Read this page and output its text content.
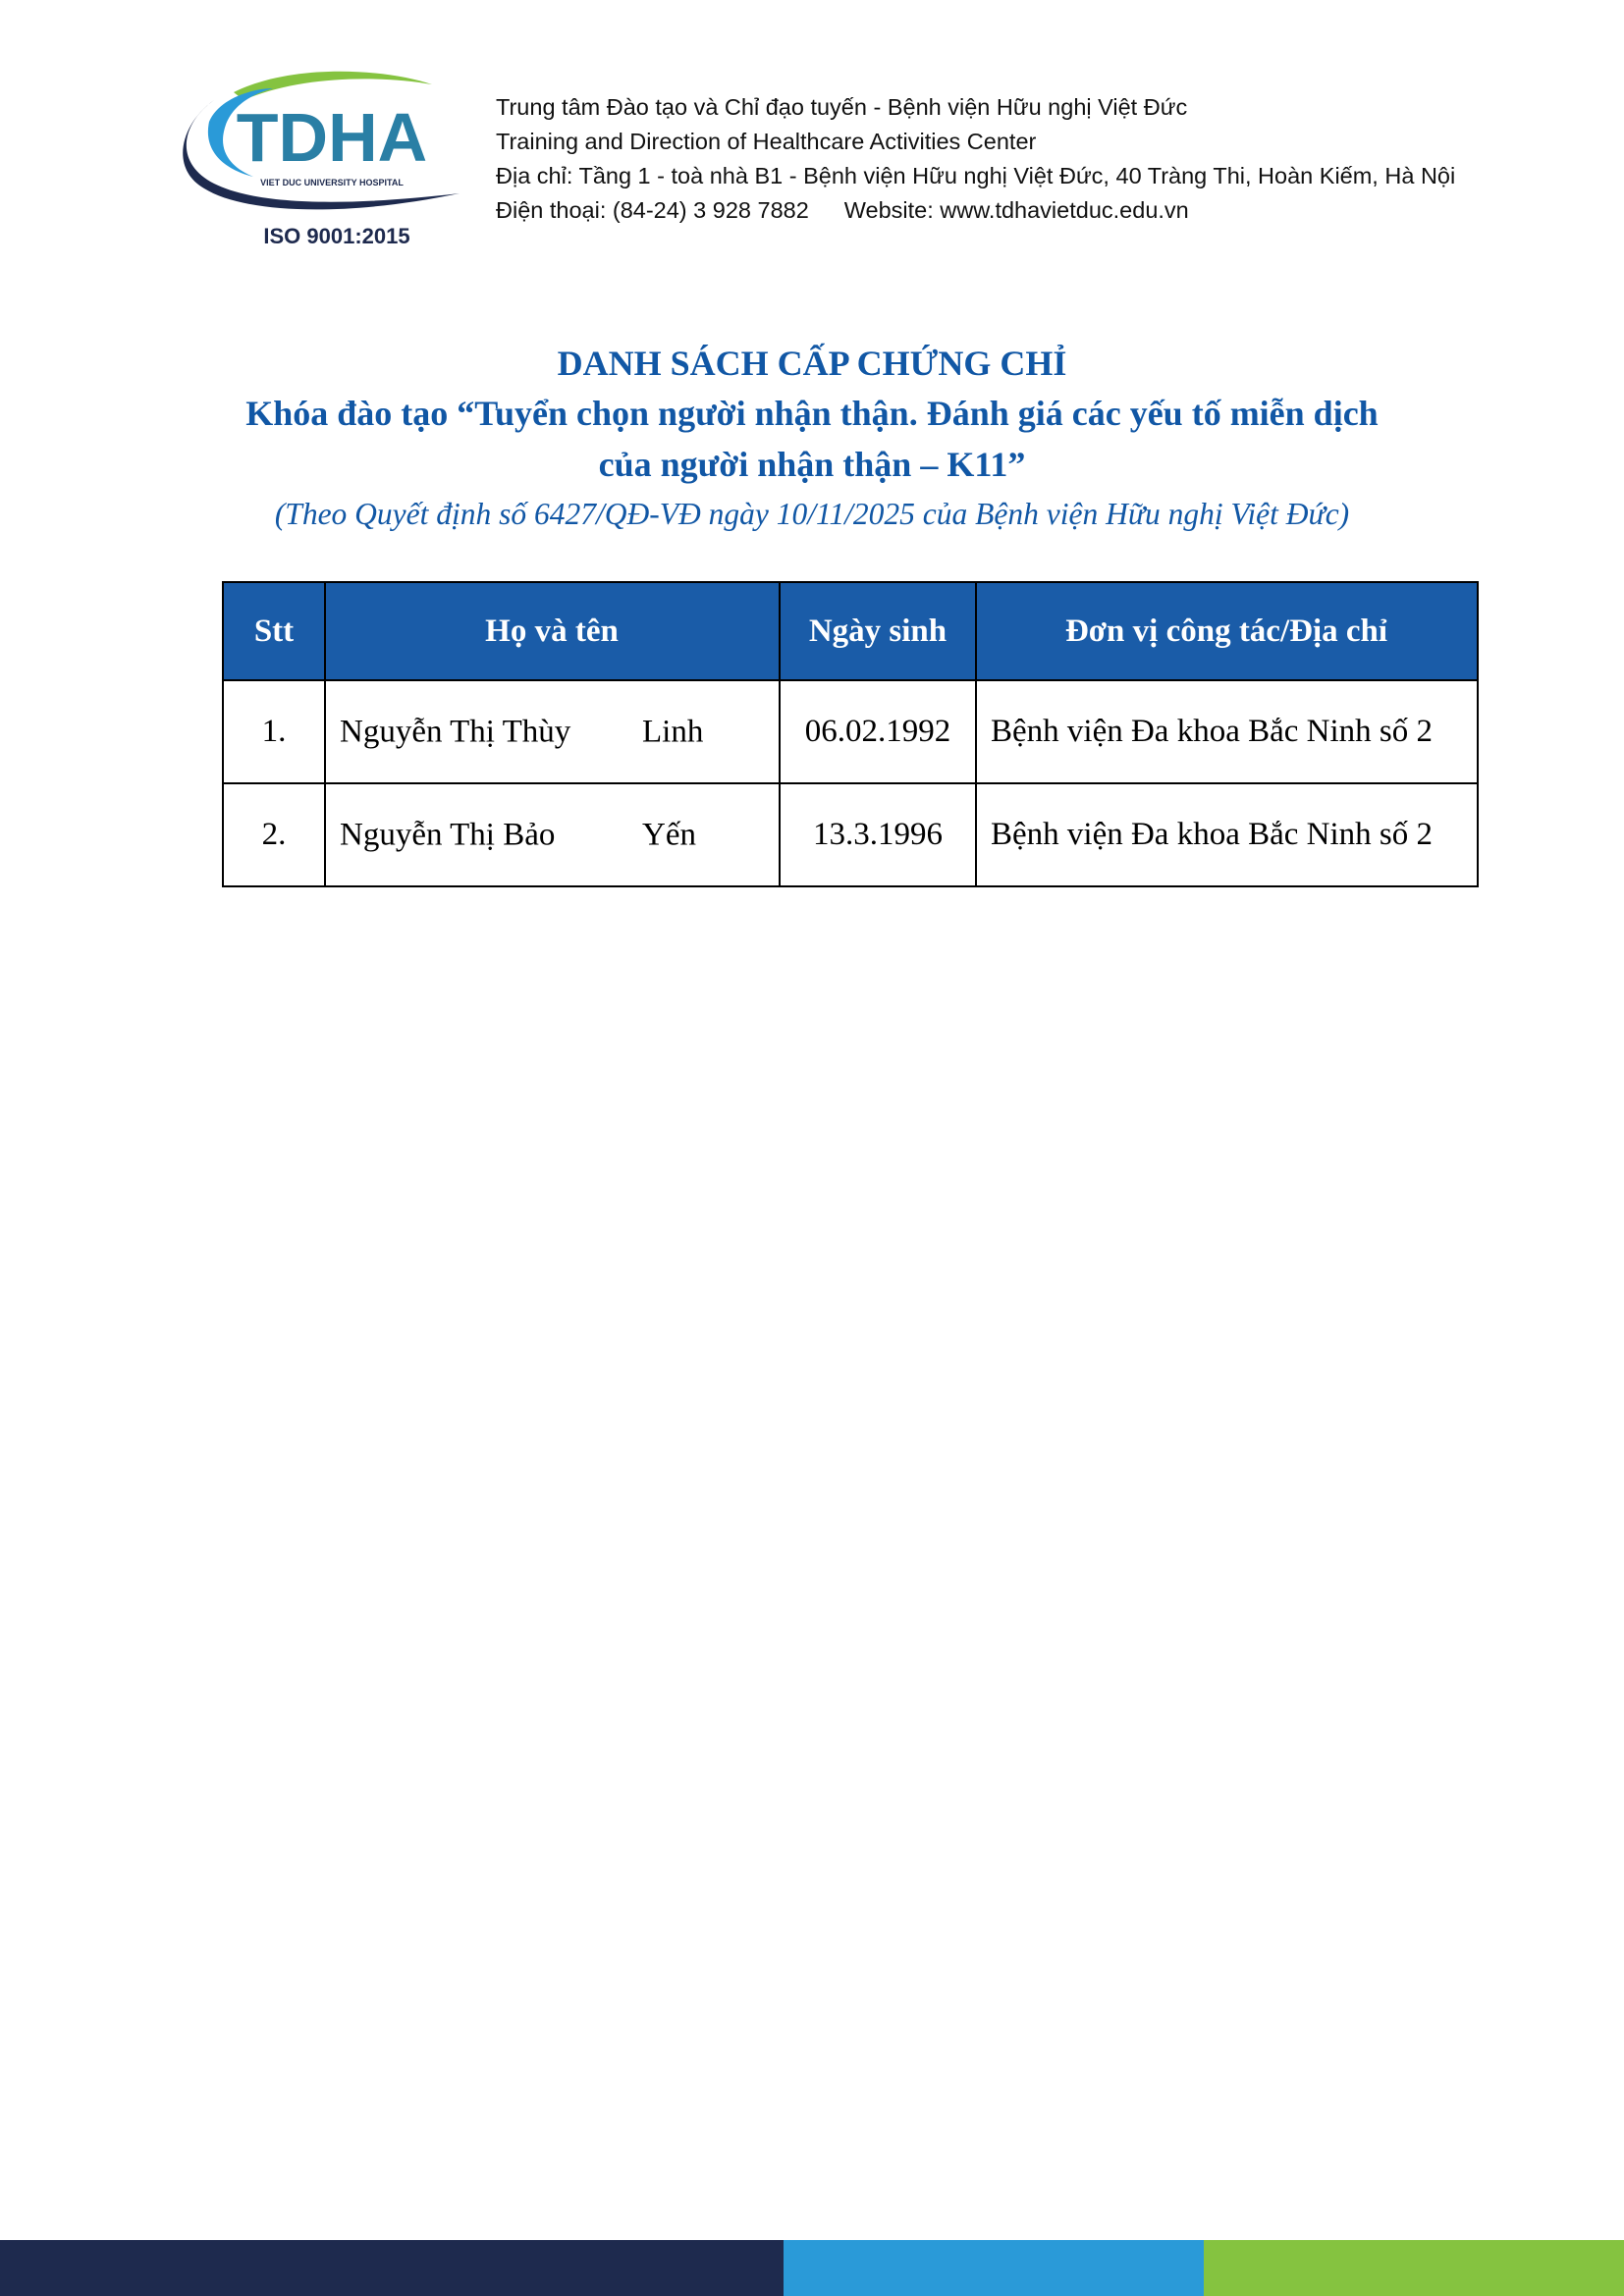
TDHA
VIET DUC UNIVERSITY HOSPITAL
ISO 9001:2015
Trung tâm Đào tạo và Chỉ đạo tuyến - Bệnh viện Hữu nghị Việt Đức
Training and Direction of Healthcare Activities Center
Địa chỉ: Tầng 1 - toà nhà B1 - Bệnh viện Hữu nghị Việt Đức, 40 Tràng Thi, Hoàn Kiếm, Hà Nội
Điện thoại: (84-24) 3 928 7882 Website: www.tdhavietduc.edu.vn
DANH SÁCH CẤP CHỨNG CHỈ
Khóa đào tạo “Tuyển chọn người nhận thận. Đánh giá các yếu tố miễn dịch
của người nhận thận – K11”
(Theo Quyết định số 6427/QĐ-VĐ ngày 10/11/2025 của Bệnh viện Hữu nghị Việt Đức)
Stt	Họ và tên	Ngày sinh	Đơn vị công tác/Địa chỉ
1.	Nguyễn Thị Thùy Linh	06.02.1992	Bệnh viện Đa khoa Bắc Ninh số 2
2.	Nguyễn Thị Bảo Yến	13.3.1996	Bệnh viện Đa khoa Bắc Ninh số 2
